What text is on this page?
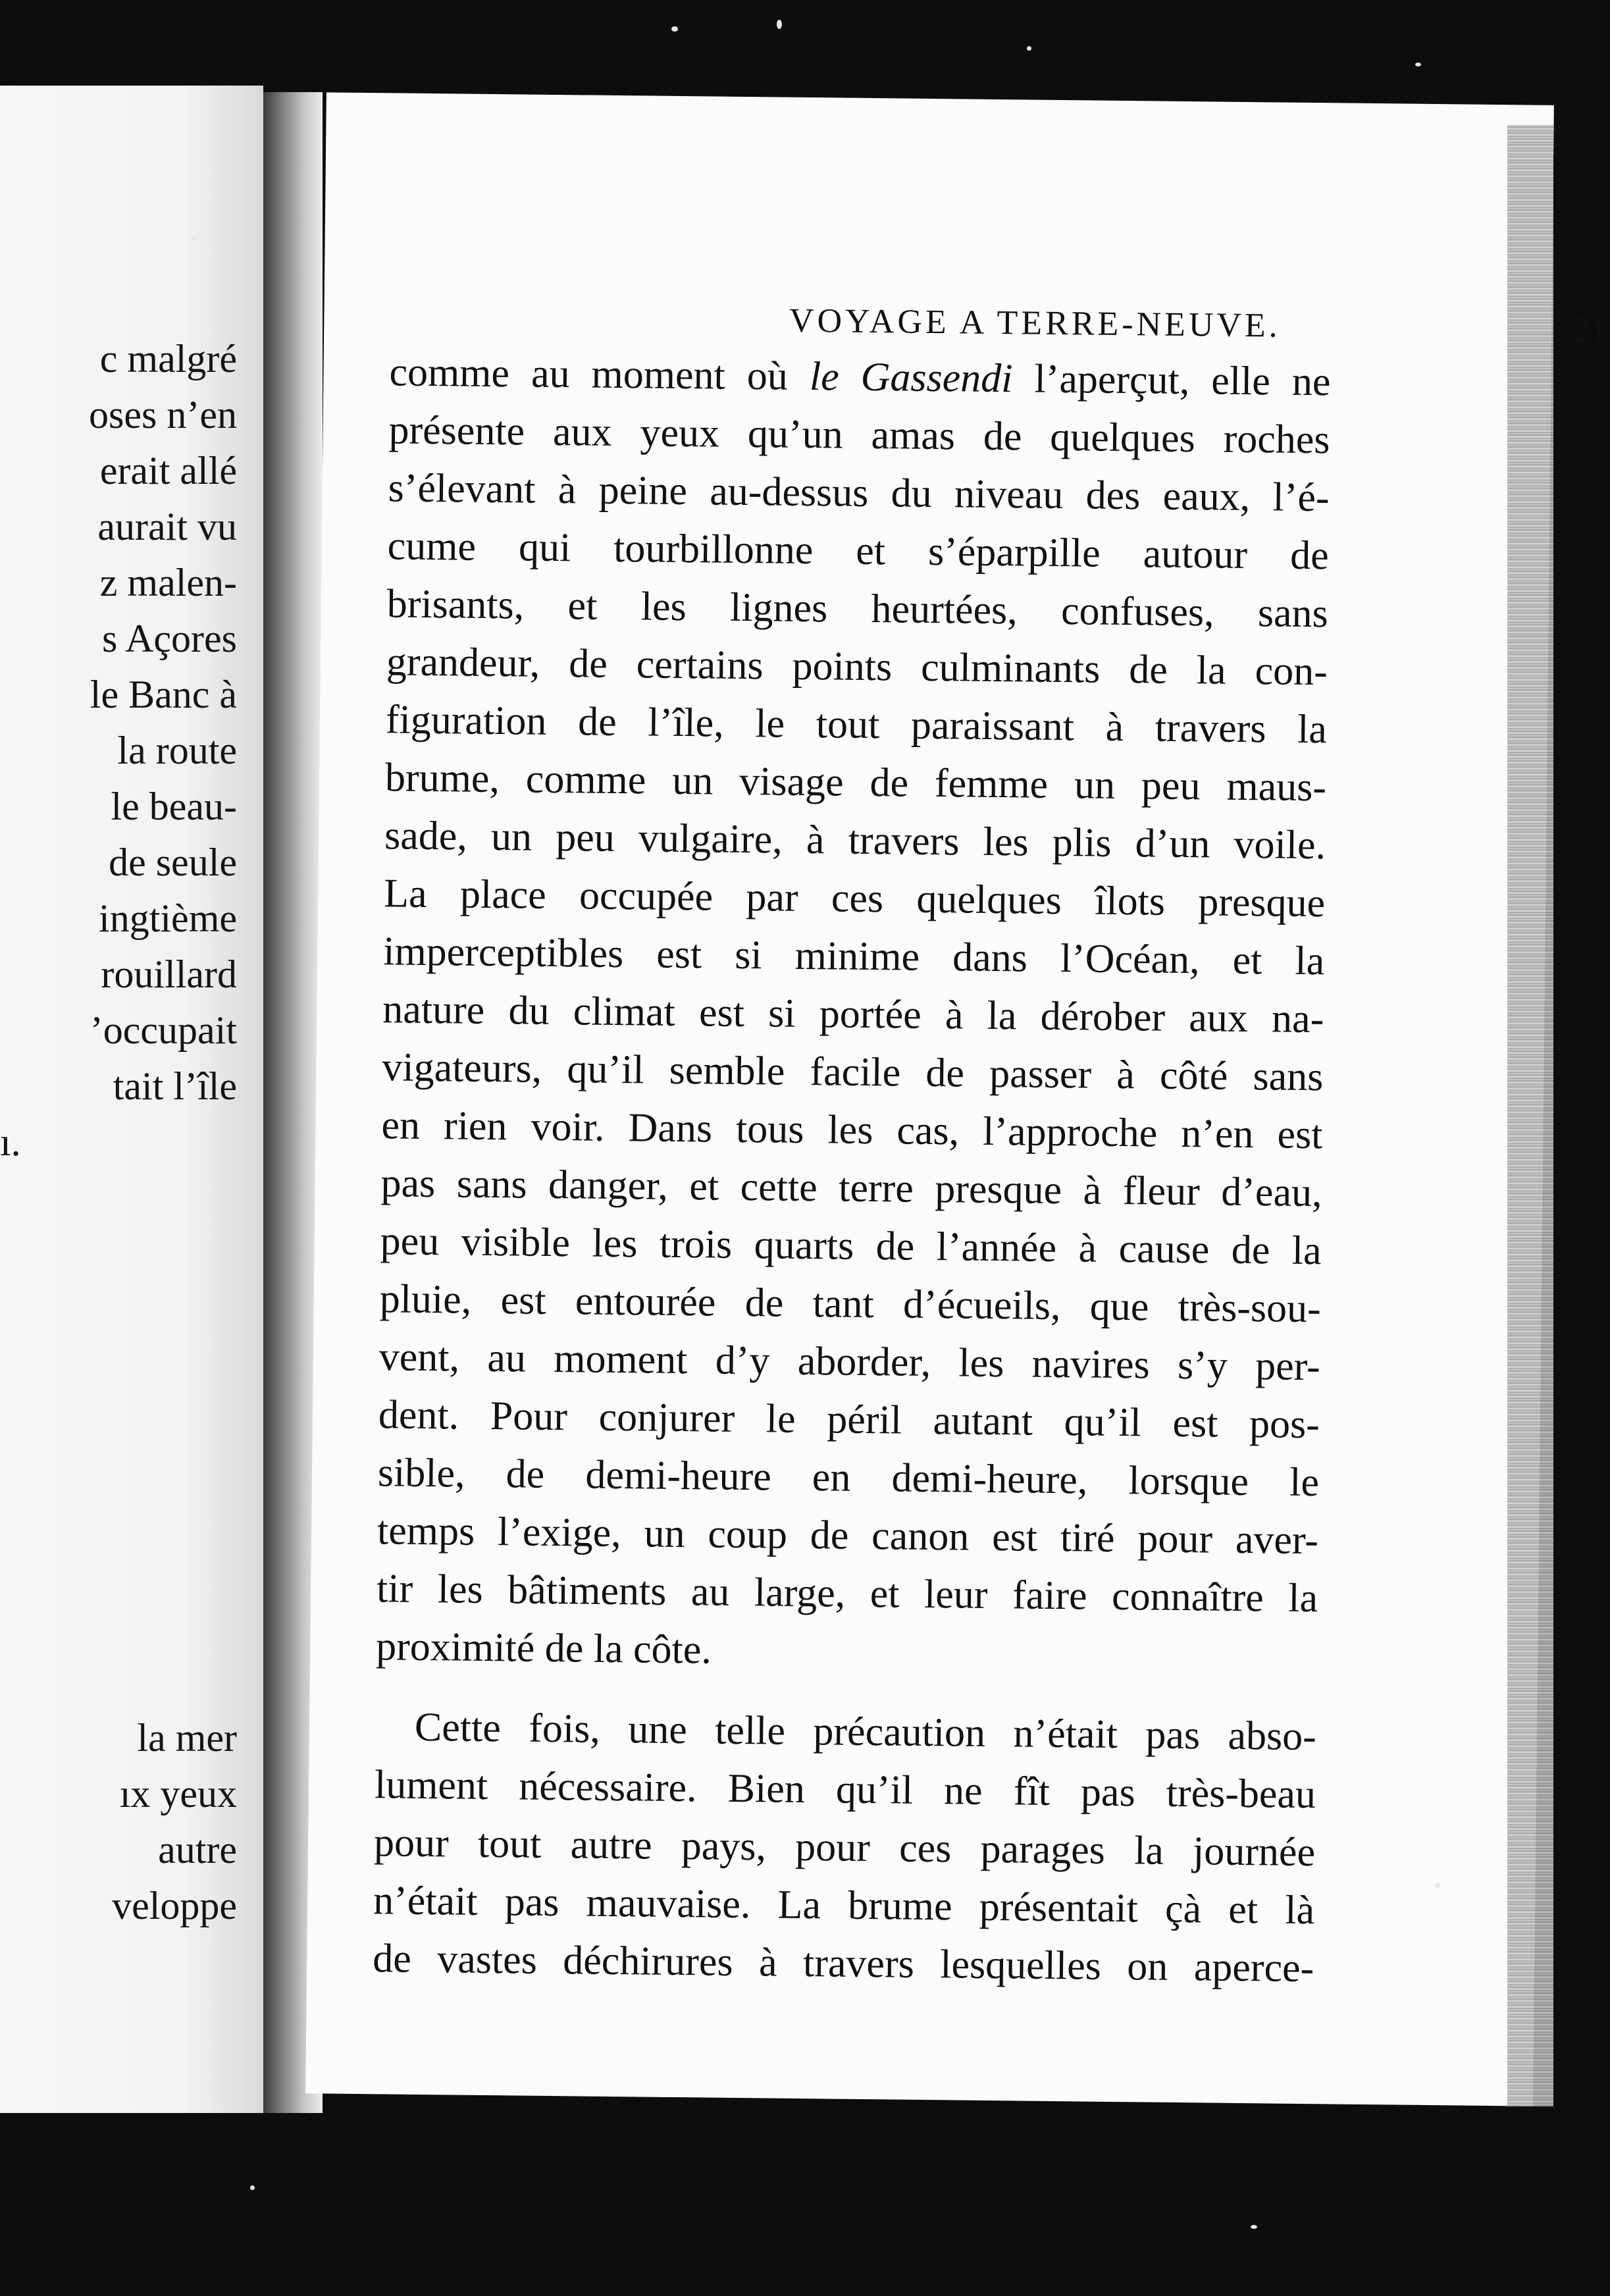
c malgré
oses n’en
erait allé
aurait vu
z malen-
s Açores
le Banc à
la route
le beau-
de seule
ingtième
rouillard
’occupait
tait l’île
ı.
la mer
ıx yeux
autre
veloppe
VOYAGE A TERRE-NEUVE.	21
comme au moment où le Gassendi l’aperçut, elle ne
présente aux yeux qu’un amas de quelques roches
s’élevant à peine au-dessus du niveau des eaux, l’é-
cume qui tourbillonne et s’éparpille autour de
brisants, et les lignes heurtées, confuses, sans
grandeur, de certains points culminants de la con-
figuration de l’île, le tout paraissant à travers la
brume, comme un visage de femme un peu maus-
sade, un peu vulgaire, à travers les plis d’un voile.
La place occupée par ces quelques îlots presque
imperceptibles est si minime dans l’Océan, et la
nature du climat est si portée à la dérober aux na-
vigateurs, qu’il semble facile de passer à côté sans
en rien voir. Dans tous les cas, l’approche n’en est
pas sans danger, et cette terre presque à fleur d’eau,
peu visible les trois quarts de l’année à cause de la
pluie, est entourée de tant d’écueils, que très-sou-
vent, au moment d’y aborder, les navires s’y per-
dent. Pour conjurer le péril autant qu’il est pos-
sible, de demi-heure en demi-heure, lorsque le
temps l’exige, un coup de canon est tiré pour aver-
tir les bâtiments au large, et leur faire connaître la
proximité de la côte.
Cette fois, une telle précaution n’était pas abso-
lument nécessaire. Bien qu’il ne fît pas très-beau
pour tout autre pays, pour ces parages la journée
n’était pas mauvaise. La brume présentait çà et là
de vastes déchirures à travers lesquelles on aperce-
